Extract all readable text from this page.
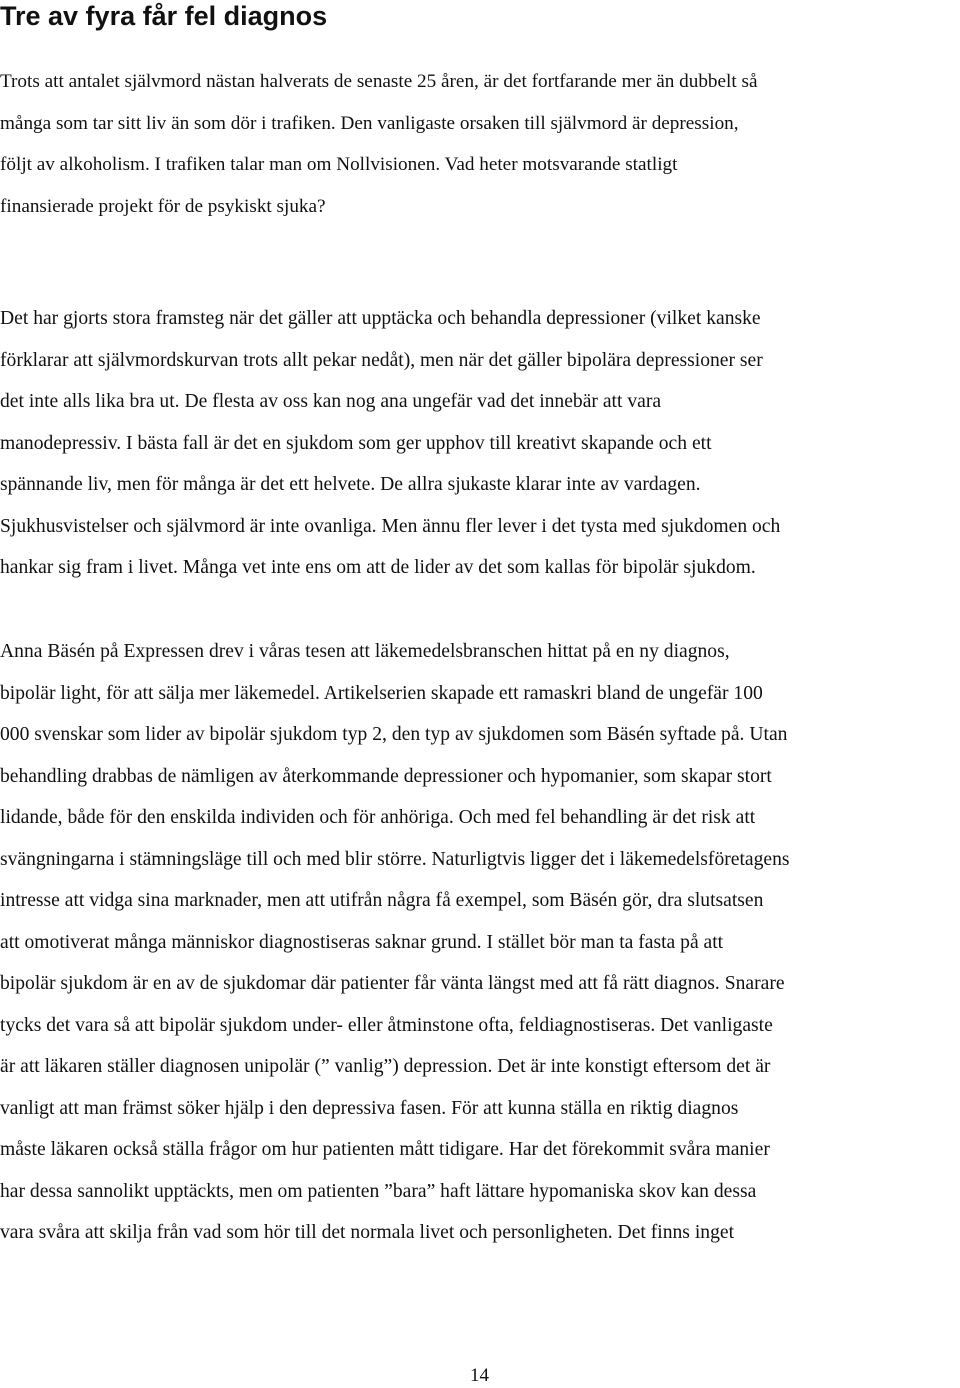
Tre av fyra får fel diagnos
Trots att antalet självmord nästan halverats de senaste 25 åren, är det fortfarande mer än dubbelt så
många som tar sitt liv än som dör i trafiken. Den vanligaste orsaken till självmord är depression,
följt av alkoholism. I trafiken talar man om Nollvisionen. Vad heter motsvarande statligt
finansierade projekt för de psykiskt sjuka?
Det har gjorts stora framsteg när det gäller att upptäcka och behandla depressioner (vilket kanske
förklarar att självmordskurvan trots allt pekar nedåt), men när det gäller bipolära depressioner ser
det inte alls lika bra ut. De flesta av oss kan nog ana ungefär vad det innebär att vara
manodepressiv. I bästa fall är det en sjukdom som ger upphov till kreativt skapande och ett
spännande liv, men för många är det ett helvete. De allra sjukaste klarar inte av vardagen.
Sjukhusvistelser och självmord är inte ovanliga. Men ännu fler lever i det tysta med sjukdomen och
hankar sig fram i livet. Många vet inte ens om att de lider av det som kallas för bipolär sjukdom.
Anna Bäsén på Expressen drev i våras tesen att läkemedelsbranschen hittat på en ny diagnos,
bipolär light, för att sälja mer läkemedel. Artikelserien skapade ett ramaskri bland de ungefär 100
000 svenskar som lider av bipolär sjukdom typ 2, den typ av sjukdomen som Bäsén syftade på. Utan
behandling drabbas de nämligen av återkommande depressioner och hypomanier, som skapar stort
lidande, både för den enskilda individen och för anhöriga. Och med fel behandling är det risk att
svängningarna i stämningsläge till och med blir större. Naturligtvis ligger det i läkemedelsföretagens
intresse att vidga sina marknader, men att utifrån några få exempel, som Bäsén gör, dra slutsatsen
att omotiverat många människor diagnostiseras saknar grund. I stället bör man ta fasta på att
bipolär sjukdom är en av de sjukdomar där patienter får vänta längst med att få rätt diagnos. Snarare
tycks det vara så att bipolär sjukdom under- eller åtminstone ofta, feldiagnostiseras. Det vanligaste
är att läkaren ställer diagnosen unipolär (” vanlig”) depression. Det är inte konstigt eftersom det är
vanligt att man främst söker hjälp i den depressiva fasen. För att kunna ställa en riktig diagnos
måste läkaren också ställa frågor om hur patienten mått tidigare. Har det förekommit svåra manier
har dessa sannolikt upptäckts, men om patienten ”bara” haft lättare hypomaniska skov kan dessa
vara svåra att skilja från vad som hör till det normala livet och personligheten. Det finns inget
14
